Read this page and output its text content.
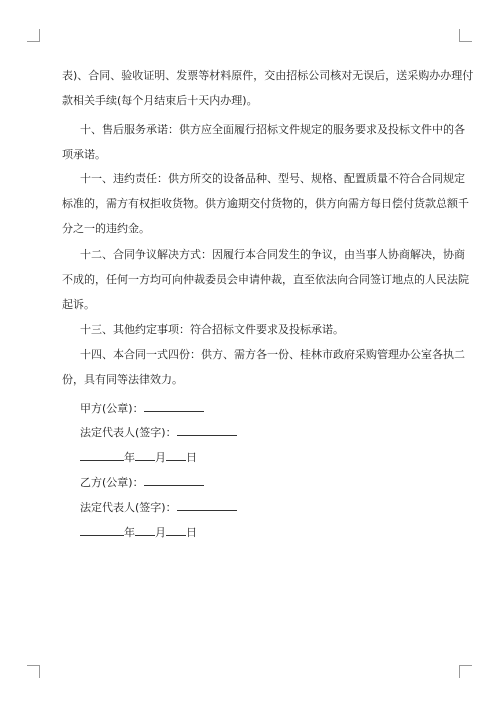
表)、合同、验收证明、发票等材料原件，交由招标公司核对无误后，送采购办办理付
款相关手续(每个月结束后十天内办理)。
十、售后服务承诺：供方应全面履行招标文件规定的服务要求及投标文件中的各
项承诺。
十一、违约责任：供方所交的设备品种、型号、规格、配置质量不符合合同规定
标准的，需方有权拒收货物。供方逾期交付货物的，供方向需方每日偿付货款总额千
分之一的违约金。
十二、合同争议解决方式：因履行本合同发生的争议，由当事人协商解决，协商
不成的，任何一方均可向仲裁委员会申请仲裁，直至依法向合同签订地点的人民法院
起诉。
十三、其他约定事项：符合招标文件要求及投标承诺。
十四、本合同一式四份：供方、需方各一份、桂林市政府采购管理办公室各执二
份，具有同等法律效力。
甲方(公章)：
法定代表人(签字)：
年 月 日
乙方(公章)：
法定代表人(签字)：
年 月 日
